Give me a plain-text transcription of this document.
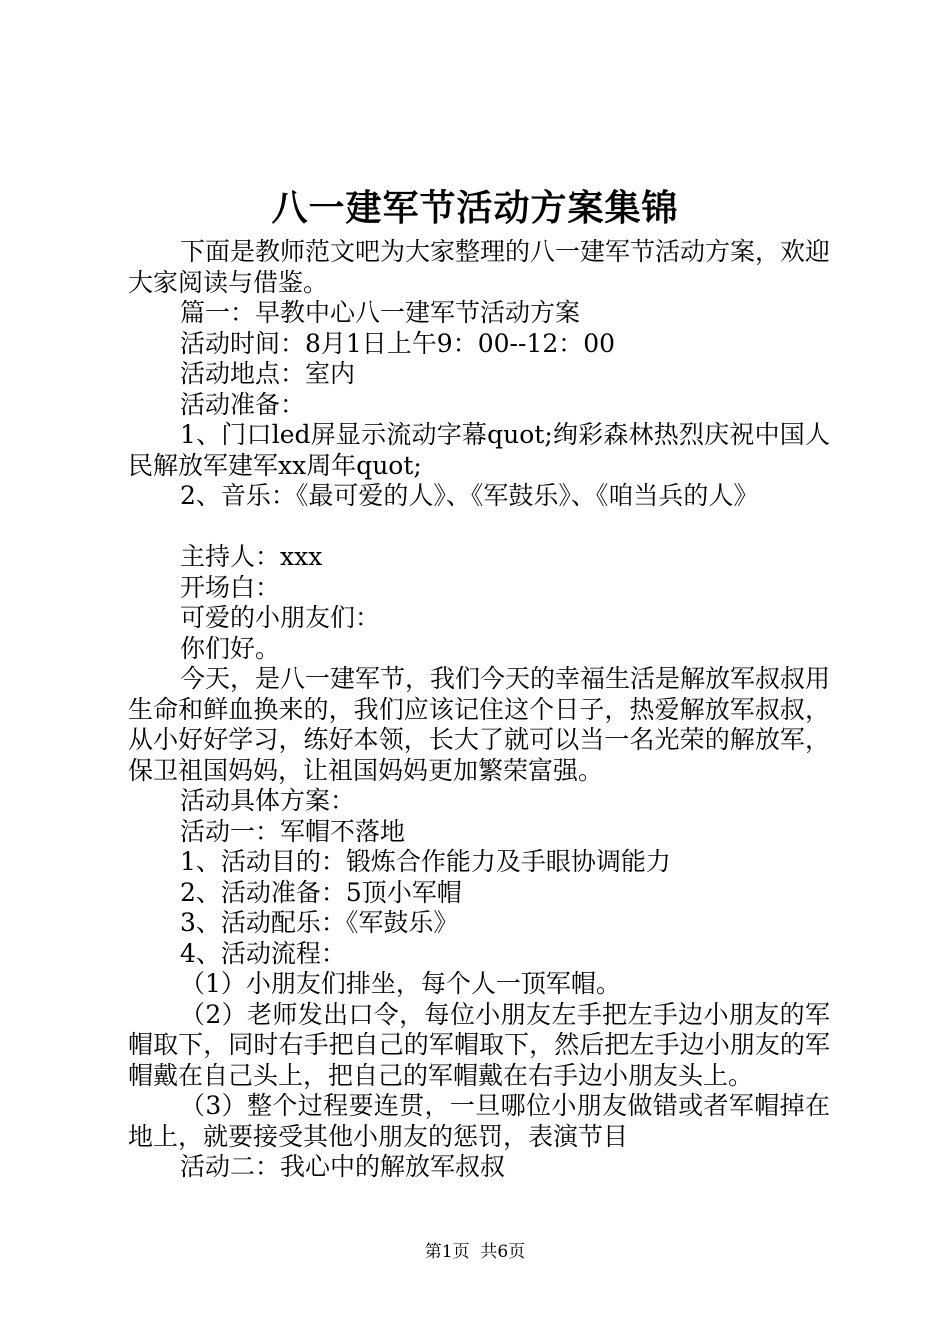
八一建军节活动方案集锦

下面是教师范文吧为大家整理的八一建军节活动方案，欢迎大家阅读与借鉴。

篇一：早教中心八一建军节活动方案

活动时间：8月1日上午9：00--12：00

活动地点：室内

活动准备：

1、门口led屏显示流动字幕quot;绚彩森林热烈庆祝中国人民解放军建军xx周年quot;

2、音乐：《最可爱的人》、《军鼓乐》、《咱当兵的人》

主持人：xxx

开场白：

可爱的小朋友们：

你们好。

今天，是八一建军节，我们今天的幸福生活是解放军叔叔用生命和鲜血换来的，我们应该记住这个日子，热爱解放军叔叔，从小好好学习，练好本领，长大了就可以当一名光荣的解放军，保卫祖国妈妈，让祖国妈妈更加繁荣富强。

活动具体方案：

活动一：军帽不落地

1、活动目的：锻炼合作能力及手眼协调能力

2、活动准备：5顶小军帽

3、活动配乐：《军鼓乐》

4、活动流程：

（1）小朋友们排坐，每个人一顶军帽。

（2）老师发出口令，每位小朋友左手把左手边小朋友的军帽取下，同时右手把自己的军帽取下，然后把左手边小朋友的军帽戴在自己头上，把自己的军帽戴在右手边小朋友头上。

（3）整个过程要连贯，一旦哪位小朋友做错或者军帽掉在地上，就要接受其他小朋友的惩罚，表演节目

活动二：我心中的解放军叔叔

第1页 共6页
